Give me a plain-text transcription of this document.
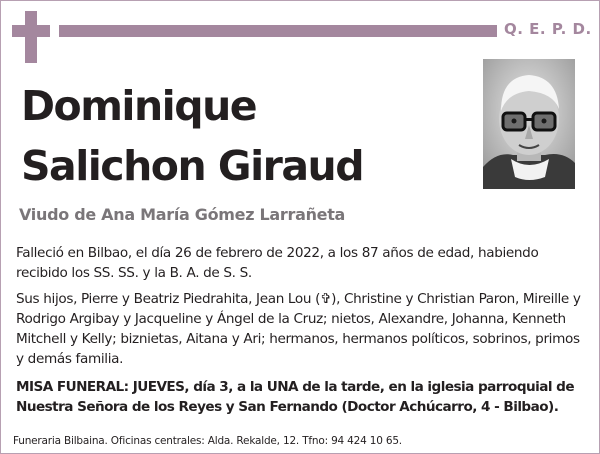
Q. E. P. D.
Dominique
Salichon Giraud
Viudo de Ana María Gómez Larrañeta
Falleció en Bilbao, el día 26 de febrero de 2022, a los 87 años de edad, habiendo recibido los SS. SS. y la B. A. de S. S.
Sus hijos, Pierre y Beatriz Piedrahita, Jean Lou (✞), Christine y Christian Paron, Mireille y Rodrigo Argibay y Jacqueline y Ángel de la Cruz; nietos, Alexandre, Johanna, Kenneth Mitchell y Kelly; biznietas, Aitana y Ari; hermanos, hermanos políticos, sobrinos, primos y demás familia.
MISA FUNERAL: JUEVES, día 3, a la UNA de la tarde, en la iglesia parroquial de Nuestra Señora de los Reyes y San Fernando (Doctor Achúcarro, 4 - Bilbao).
Funeraria Bilbaina. Oficinas centrales: Alda. Rekalde, 12. Tfno: 94 424 10 65.
